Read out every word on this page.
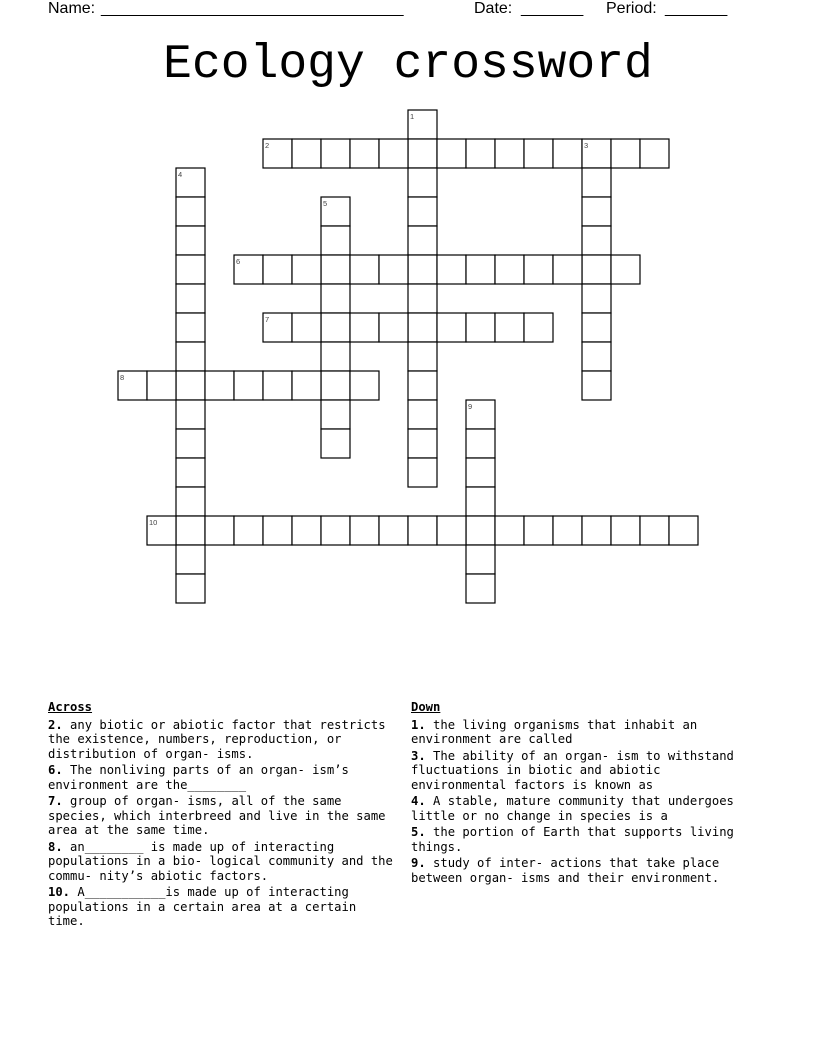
Name:

__________________________________

	Date:

_______

Period:

_______

Ecology crossword
1
2	3
4
5
6
7
8
9
10
Across
2. any biotic or abiotic factor that restricts the existence, numbers, reproduction, or distribution of organ- isms.
6. The nonliving parts of an organ- ism’s environment are the________
7. group of organ- isms, all of the same species, which interbreed and live in the same area at the same time.
8. an________ is made up of interacting populations in a bio- logical community and the commu- nity’s abiotic factors.
10. A___________is made up of interacting populations in a certain area at a certain time.
Down
1. the living organisms that inhabit an environment are called
3. The ability of an organ- ism to withstand fluctuations in biotic and abiotic environmental factors is known as
4. A stable, mature community that undergoes little or no change in species is a
5. the portion of Earth that supports living things.
9. study of inter- actions that take place between organ- isms and their environment.
